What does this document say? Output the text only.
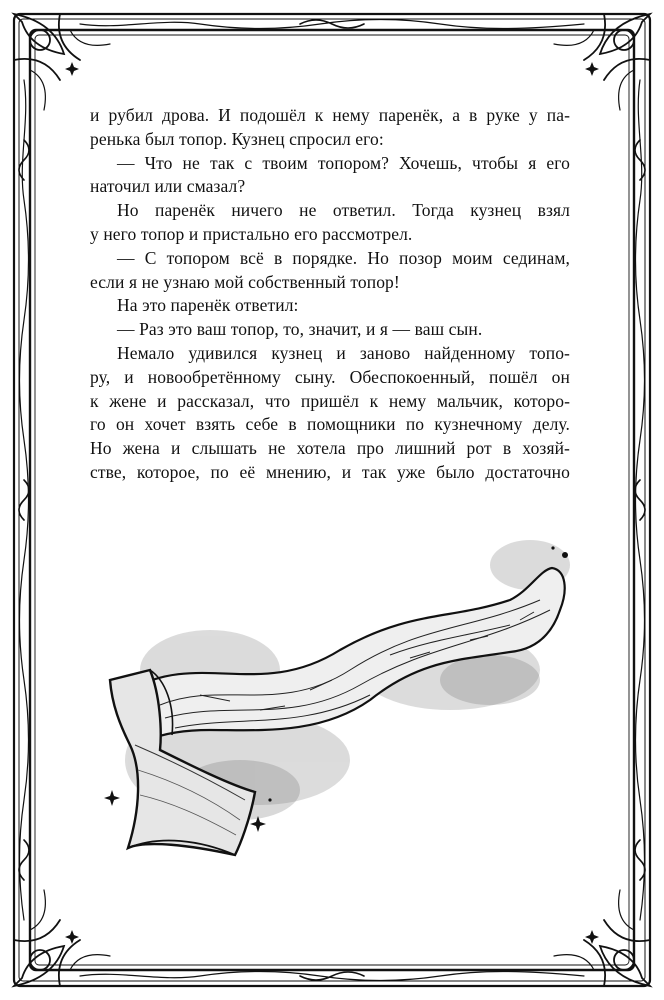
и рубил дрова. И подошёл к нему паренёк, а в руке у па-
ренька был топор. Кузнец спросил его:
— Что не так с твоим топором? Хочешь, чтобы я его
наточил или смазал?
Но паренёк ничего не ответил. Тогда кузнец взял
у него топор и пристально его рассмотрел.
— С топором всё в порядке. Но позор моим сединам,
если я не узнаю мой собственный топор!
На это паренёк ответил:
— Раз это ваш топор, то, значит, и я — ваш сын.
Немало удивился кузнец и заново найденному топо-
ру, и новообретённому сыну. Обеспокоенный, пошёл он
к жене и рассказал, что пришёл к нему мальчик, которо-
го он хочет взять себе в помощники по кузнечному делу.
Но жена и слышать не хотела про лишний рот в хозяй-
стве, которое, по её мнению, и так уже было достаточно
